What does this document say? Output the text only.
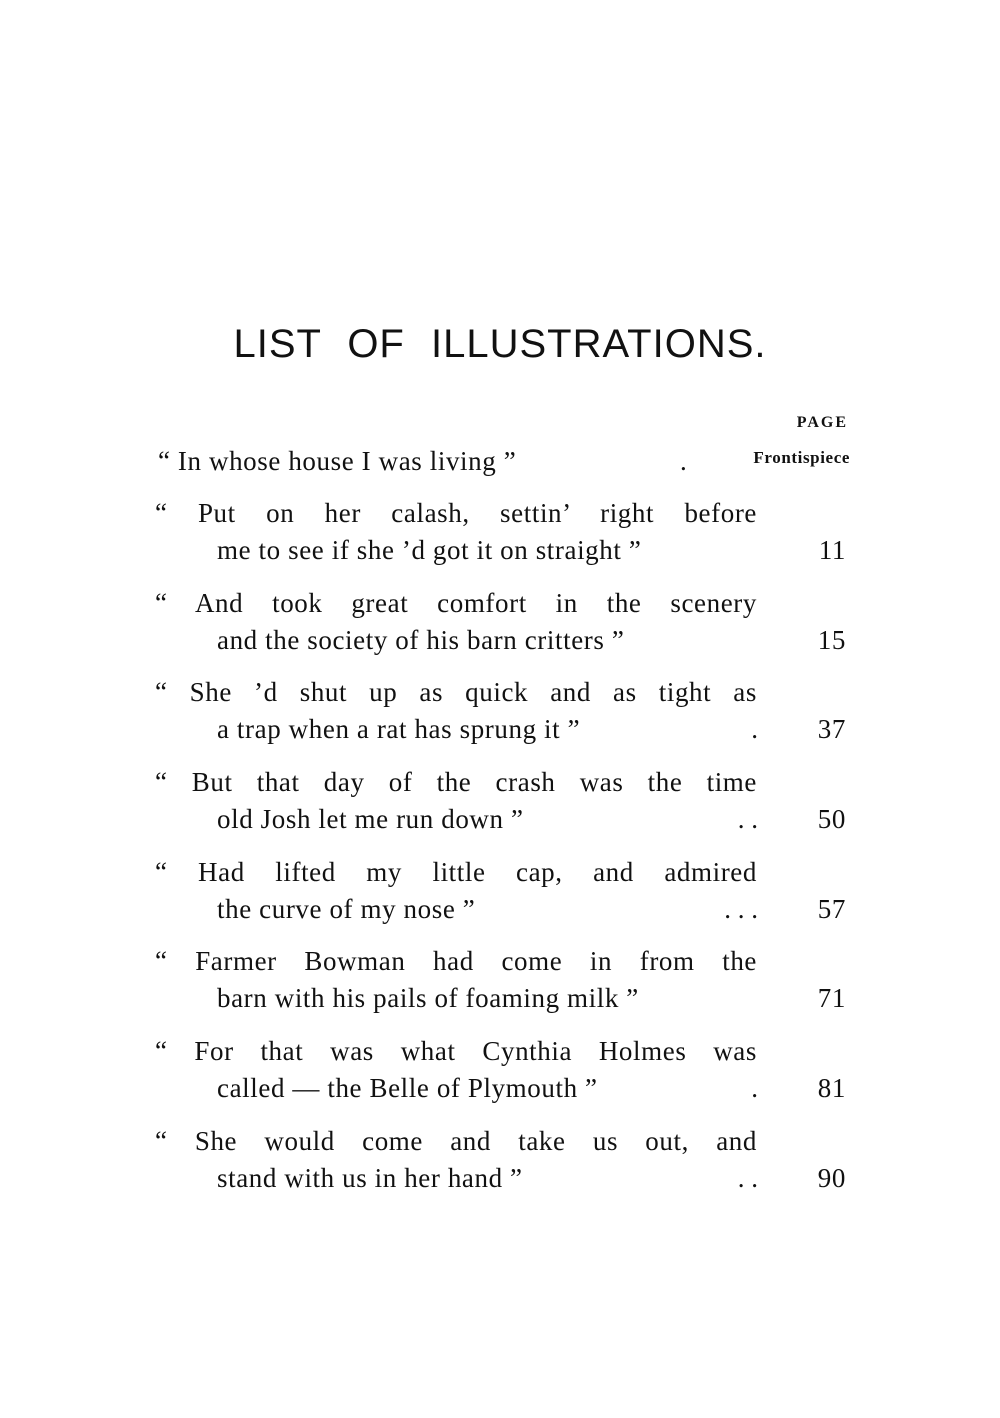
LIST OF ILLUSTRATIONS.
PAGE
“ In whose house I was living ”	.	Frontispiece
“ Put on her calash, settin’ right before
me to see if she ’d got it on straight ”	11
“ And took great comfort in the scenery
and the society of his barn critters ”	15
“ She ’d shut up as quick and as tight as
a trap when a rat has sprung it ”	.	37
“ But that day of the crash was the time
old Josh let me run down ”	. .	50
“ Had lifted my little cap, and admired
the curve of my nose ”	. . .	57
“ Farmer Bowman had come in from the
barn with his pails of foaming milk ”	71
“ For that was what Cynthia Holmes was
called — the Belle of Plymouth ”	.	81
“ She would come and take us out, and
stand with us in her hand ”	. .	90
